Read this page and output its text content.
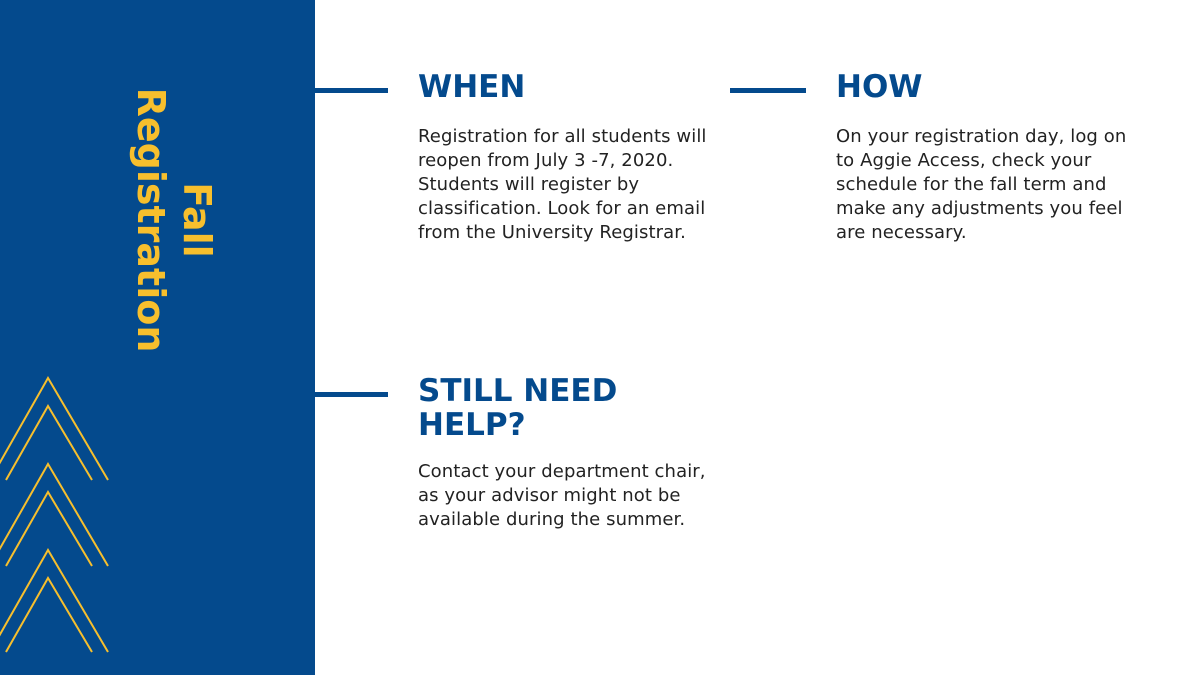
Fall
Registration
WHEN

Registration for all students will reopen from July 3 -7, 2020. Students will register by classification. Look for an email from the University Registrar.

HOW

On your registration day, log on to Aggie Access, check your schedule for the fall term and make any adjustments you feel are necessary.

STILL NEED HELP?

Contact your department chair, as your advisor might not be available during the summer.
